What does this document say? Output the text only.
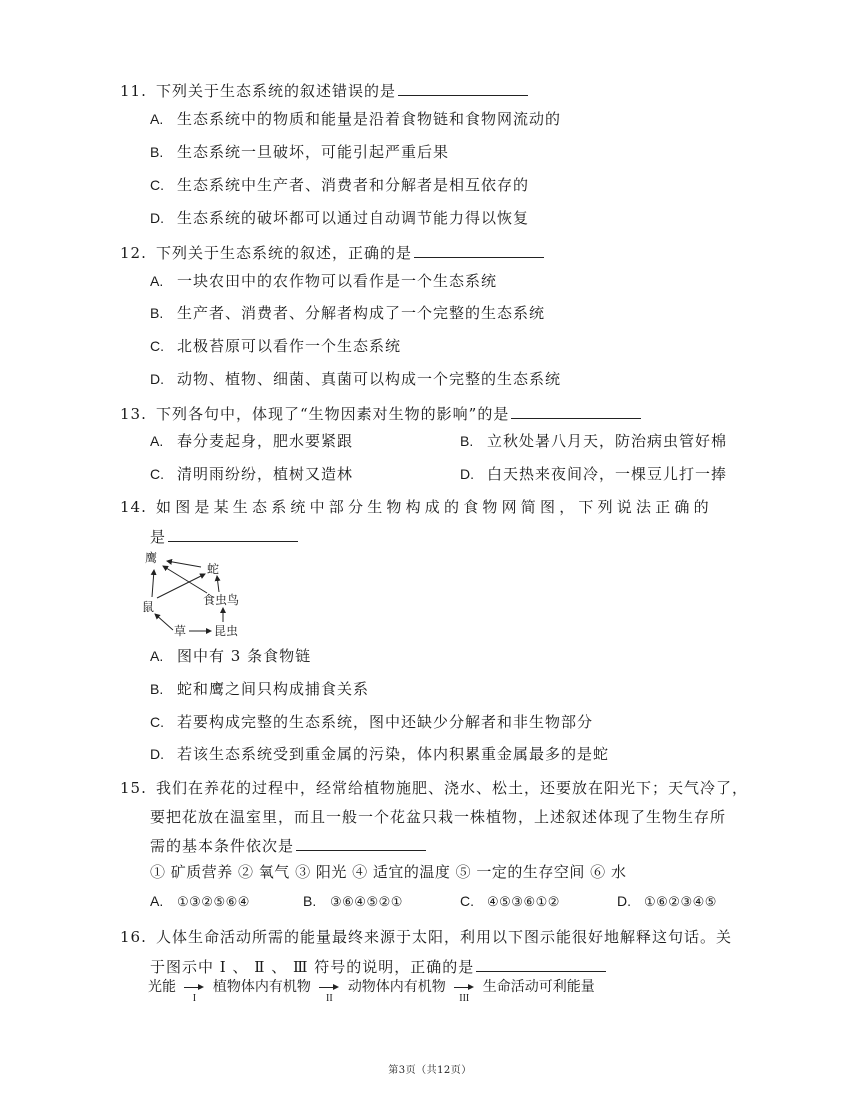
11. 下列关于生态系统的叙述错误的是
A. 生态系统中的物质和能量是沿着食物链和食物网流动的
B. 生态系统一旦破坏，可能引起严重后果
C. 生态系统中生产者、消费者和分解者是相互依存的
D. 生态系统的破坏都可以通过自动调节能力得以恢复
12. 下列关于生态系统的叙述，正确的是
A. 一块农田中的农作物可以看作是一个生态系统
B. 生产者、消费者、分解者构成了一个完整的生态系统
C. 北极苔原可以看作一个生态系统
D. 动物、植物、细菌、真菌可以构成一个完整的生态系统
13. 下列各句中，体现了“生物因素对生物的影响”的是
A. 春分麦起身，肥水要紧跟	B. 立秋处暑八月天，防治病虫管好棉
C. 清明雨纷纷，植树又造林	D. 白天热来夜间冷，一棵豆儿打一捧
14. 如图是某生态系统中部分生物构成的食物网简图，下列说法正确的
是
鹰
蛇
鼠	食虫鸟
草 昆虫
A. 图中有 3 条食物链
B. 蛇和鹰之间只构成捕食关系
C. 若要构成完整的生态系统，图中还缺少分解者和非生物部分
D. 若该生态系统受到重金属的污染，体内积累重金属最多的是蛇
15. 我们在养花的过程中，经常给植物施肥、浇水、松土，还要放在阳光下；天气冷了，
要把花放在温室里，而且一般一个花盆只栽一株植物，上述叙述体现了生物生存所
需的基本条件依次是
① 矿质营养 ② 氧气 ③ 阳光 ④ 适宜的温度 ⑤ 一定的生存空间 ⑥ 水
A. ①③②⑤⑥④	B. ③⑥④⑤②①	C. ④⑤③⑥①②	D. ①⑥②③④⑤
16. 人体生命活动所需的能量最终来源于太阳，利用以下图示能很好地解释这句话。关
于图示中 Ⅰ 、 Ⅱ 、 Ⅲ 符号的说明，正确的是
光能
I
植物体内有机物
II
动物体内有机物
III
生命活动可利能量
第3页（共12页）
